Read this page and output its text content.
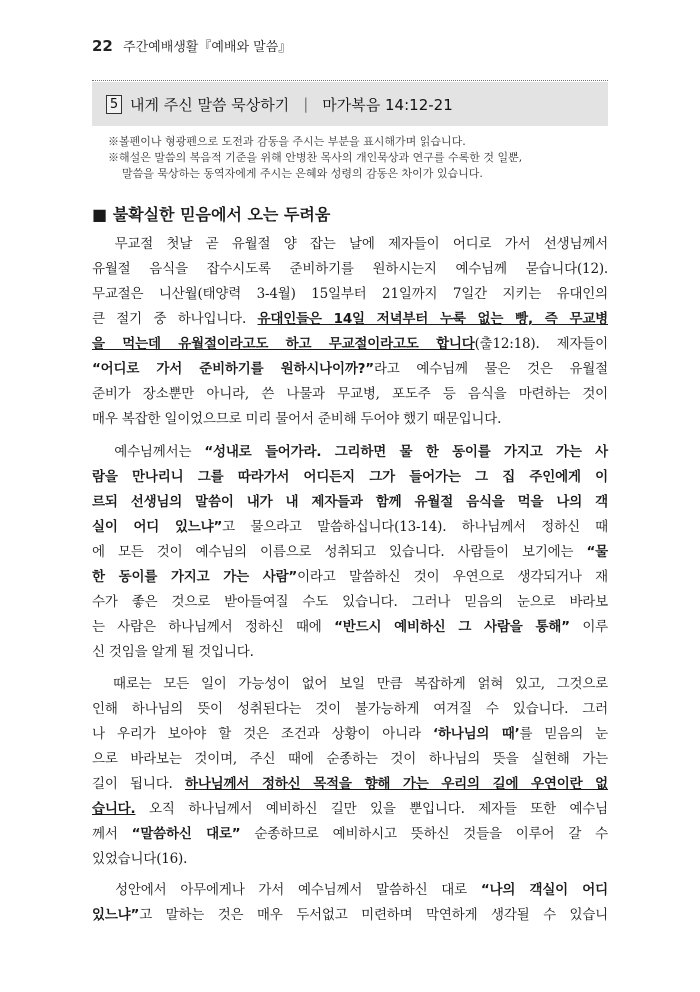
22 주간예배생활『예배와 말씀』
5 내게 주신 말씀 묵상하기 | 마가복음 14:12-21
※볼펜이나 형광펜으로 도전과 감동을 주시는 부분을 표시해가며 읽습니다.
※해설은 말씀의 복음적 기준을 위해 안병찬 목사의 개인묵상과 연구를 수록한 것 일뿐,
말씀을 묵상하는 동역자에게 주시는 은혜와 성령의 감동은 차이가 있습니다.
■ 불확실한 믿음에서 오는 두려움
　무교절 첫날 곧 유월절 양 잡는 날에 제자들이 어디로 가서 선생님께서
유월절 음식을 잡수시도록 준비하기를 원하시는지 예수님께 묻습니다(12).
무교절은 니산월(태양력 3-4월) 15일부터 21일까지 7일간 지키는 유대인의
큰 절기 중 하나입니다. 유대인들은 14일 저녁부터 누룩 없는 빵, 즉 무교병
을 먹는데 유월절이라고도 하고 무교절이라고도 합니다(출12:18). 제자들이
“어디로 가서 준비하기를 원하시나이까?”라고 예수님께 물은 것은 유월절
준비가 장소뿐만 아니라, 쓴 나물과 무교병, 포도주 등 음식을 마련하는 것이
매우 복잡한 일이었으므로 미리 물어서 준비해 두어야 했기 때문입니다.
　예수님께서는 “성내로 들어가라. 그리하면 물 한 동이를 가지고 가는 사
람을 만나리니 그를 따라가서 어디든지 그가 들어가는 그 집 주인에게 이
르되 선생님의 말씀이 내가 내 제자들과 함께 유월절 음식을 먹을 나의 객
실이 어디 있느냐”고 물으라고 말씀하십니다(13-14). 하나님께서 정하신 때
에 모든 것이 예수님의 이름으로 성취되고 있습니다. 사람들이 보기에는 “물
한 동이를 가지고 가는 사람”이라고 말씀하신 것이 우연으로 생각되거나 재
수가 좋은 것으로 받아들여질 수도 있습니다. 그러나 믿음의 눈으로 바라보
는 사람은 하나님께서 정하신 때에 “반드시 예비하신 그 사람을 통해” 이루
신 것임을 알게 될 것입니다.
　때로는 모든 일이 가능성이 없어 보일 만큼 복잡하게 얽혀 있고, 그것으로
인해 하나님의 뜻이 성취된다는 것이 불가능하게 여겨질 수 있습니다. 그러
나 우리가 보아야 할 것은 조건과 상황이 아니라 ‘하나님의 때’를 믿음의 눈
으로 바라보는 것이며, 주신 때에 순종하는 것이 하나님의 뜻을 실현해 가는
길이 됩니다. 하나님께서 정하신 목적을 향해 가는 우리의 길에 우연이란 없
습니다. 오직 하나님께서 예비하신 길만 있을 뿐입니다. 제자들 또한 예수님
께서 “말씀하신 대로” 순종하므로 예비하시고 뜻하신 것들을 이루어 갈 수
있었습니다(16).
　성안에서 아무에게나 가서 예수님께서 말씀하신 대로 “나의 객실이 어디
있느냐”고 말하는 것은 매우 두서없고 미련하며 막연하게 생각될 수 있습니
